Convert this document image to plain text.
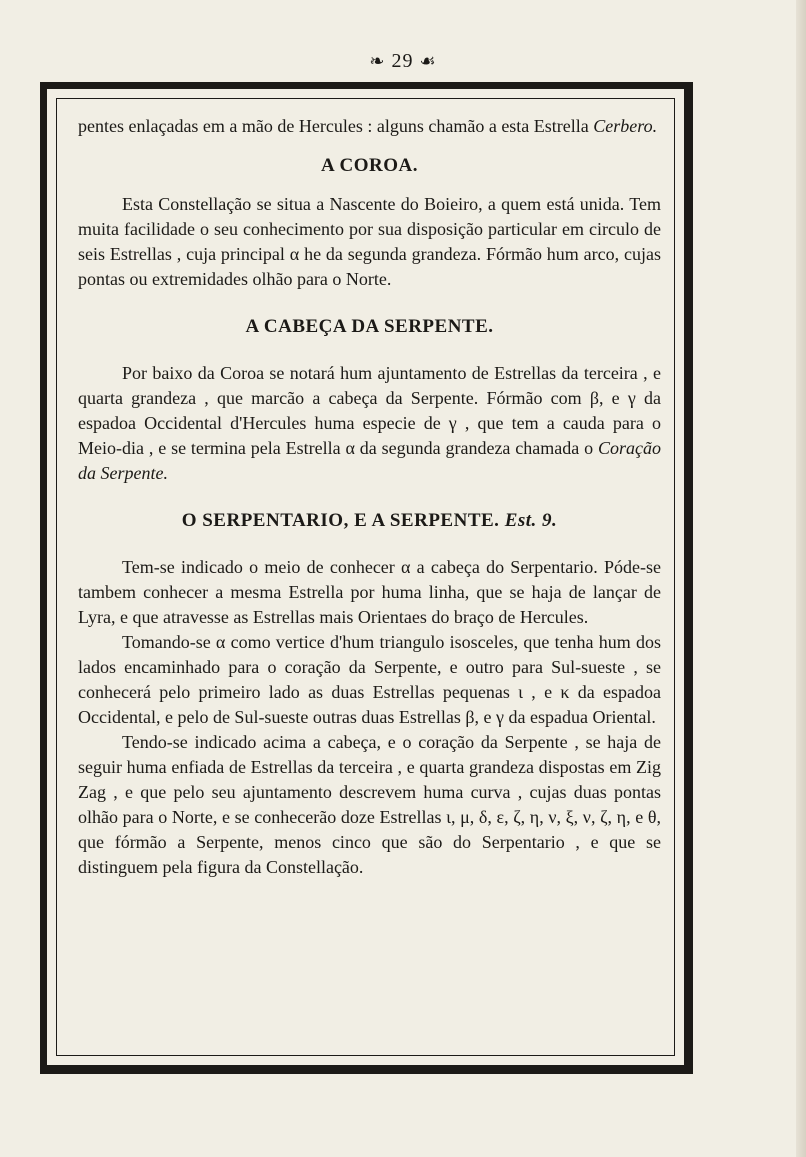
❧ 29 ☙

pentes enlaçadas em a mão de Hercules : alguns chamão a esta Estrella Cerbero.

A COROA.

Esta Constellação se situa a Nascente do Boieiro, a quem está unida. Tem muita facilidade o seu conhecimento por sua disposição particular em circulo de seis Estrellas , cuja principal α he da segunda grandeza. Fórmão hum arco, cujas pontas ou extremidades olhão para o Norte.

A CABEÇA DA SERPENTE.

Por baixo da Coroa se notará hum ajuntamento de Estrellas da terceira , e quarta grandeza , que marcão a cabeça da Serpente. Fórmão com β, e γ da espadoa Occidental d'Hercules huma especie de γ , que tem a cauda para o Meio-dia , e se termina pela Estrella α da segunda grandeza chamada o Coração da Serpente.

O SERPENTARIO, E A SERPENTE. Est. 9.

Tem-se indicado o meio de conhecer α a cabeça do Serpentario. Póde-se tambem conhecer a mesma Estrella por huma linha, que se haja de lançar de Lyra, e que atravesse as Estrellas mais Orientaes do braço de Hercules.

Tomando-se α como vertice d'hum triangulo isosceles, que tenha hum dos lados encaminhado para o coração da Serpente, e outro para Sul-sueste , se conhecerá pelo primeiro lado as duas Estrellas pequenas ι , e κ da espadoa Occidental, e pelo de Sul-sueste outras duas Estrellas β, e γ da espadua Oriental.

Tendo-se indicado acima a cabeça, e o coração da Serpente , se haja de seguir huma enfiada de Estrellas da terceira , e quarta grandeza dispostas em Zig Zag , e que pelo seu ajuntamento descrevem huma curva , cujas duas pontas olhão para o Norte, e se conhecerão doze Estrellas ι, μ, δ, ε, ζ, η, ν, ξ, ν, ζ, η, e θ, que fórmão a Serpente, menos cinco que são do Serpentario , e que se distinguem pela figura da Constellação.
